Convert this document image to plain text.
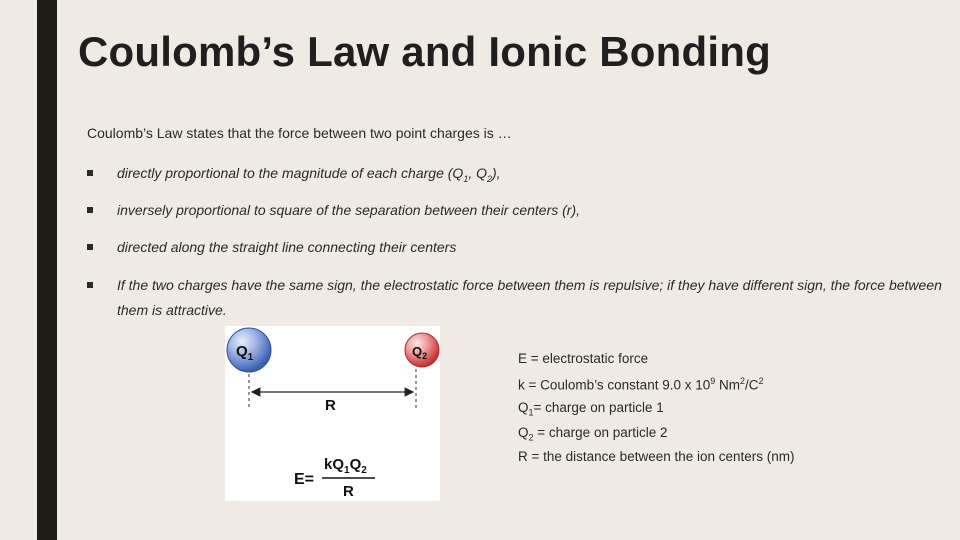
Coulomb’s Law and Ionic Bonding
Coulomb’s Law states that the force between two point charges is …
directly proportional to the magnitude of each charge ($Q_1$, $Q_2$),
inversely proportional to square of the separation between their centers (r),
directed along the straight line connecting their centers
If the two charges have the same sign, the electrostatic force between them is repulsive; if they have different sign, the force between them is attractive.
$Q_1$	$Q_2$
R
E=
$kQ_1Q_2$
R
E = electrostatic force
k = Coulomb’s constant 9.0 x $10^9$ $Nm^2/C^2$
$Q_1=$ charge on particle 1
$Q_2$ = charge on particle 2
R = the distance between the ion centers (nm)
